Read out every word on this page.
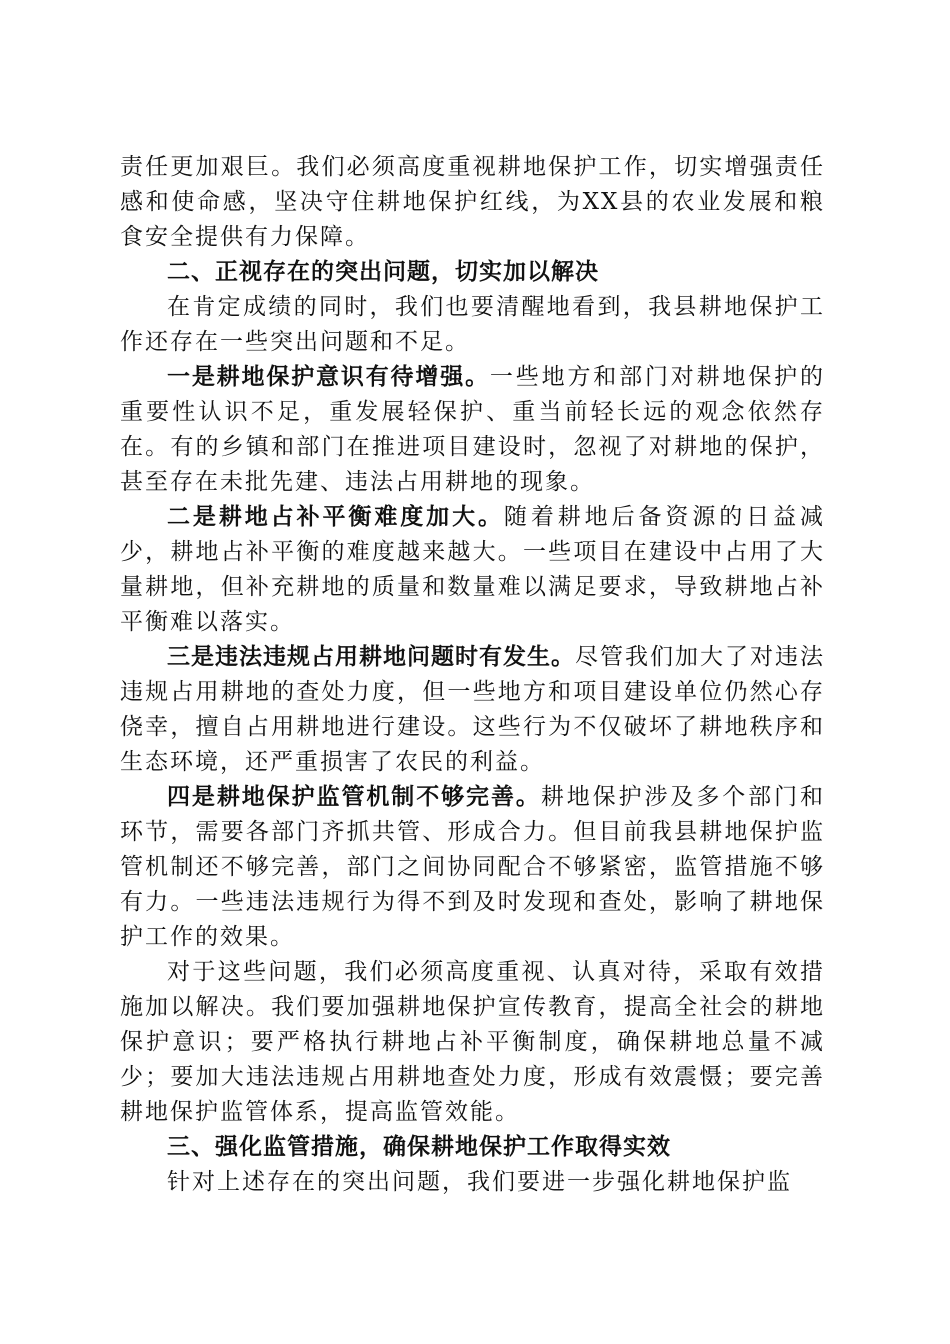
责任更加艰巨。我们必须高度重视耕地保护工作，切实增强责任感和使命感，坚决守住耕地保护红线，为XX县的农业发展和粮食安全提供有力保障。

二、正视存在的突出问题，切实加以解决

在肯定成绩的同时，我们也要清醒地看到，我县耕地保护工作还存在一些突出问题和不足。

一是耕地保护意识有待增强。一些地方和部门对耕地保护的重要性认识不足，重发展轻保护、重当前轻长远的观念依然存在。有的乡镇和部门在推进项目建设时，忽视了对耕地的保护，甚至存在未批先建、违法占用耕地的现象。

二是耕地占补平衡难度加大。随着耕地后备资源的日益减少，耕地占补平衡的难度越来越大。一些项目在建设中占用了大量耕地，但补充耕地的质量和数量难以满足要求，导致耕地占补平衡难以落实。

三是违法违规占用耕地问题时有发生。尽管我们加大了对违法违规占用耕地的查处力度，但一些地方和项目建设单位仍然心存侥幸，擅自占用耕地进行建设。这些行为不仅破坏了耕地秩序和生态环境，还严重损害了农民的利益。

四是耕地保护监管机制不够完善。耕地保护涉及多个部门和环节，需要各部门齐抓共管、形成合力。但目前我县耕地保护监管机制还不够完善，部门之间协同配合不够紧密，监管措施不够有力。一些违法违规行为得不到及时发现和查处，影响了耕地保护工作的效果。

对于这些问题，我们必须高度重视、认真对待，采取有效措施加以解决。我们要加强耕地保护宣传教育，提高全社会的耕地保护意识；要严格执行耕地占补平衡制度，确保耕地总量不减少；要加大违法违规占用耕地查处力度，形成有效震慑；要完善耕地保护监管体系，提高监管效能。

三、强化监管措施，确保耕地保护工作取得实效

针对上述存在的突出问题，我们要进一步强化耕地保护监
